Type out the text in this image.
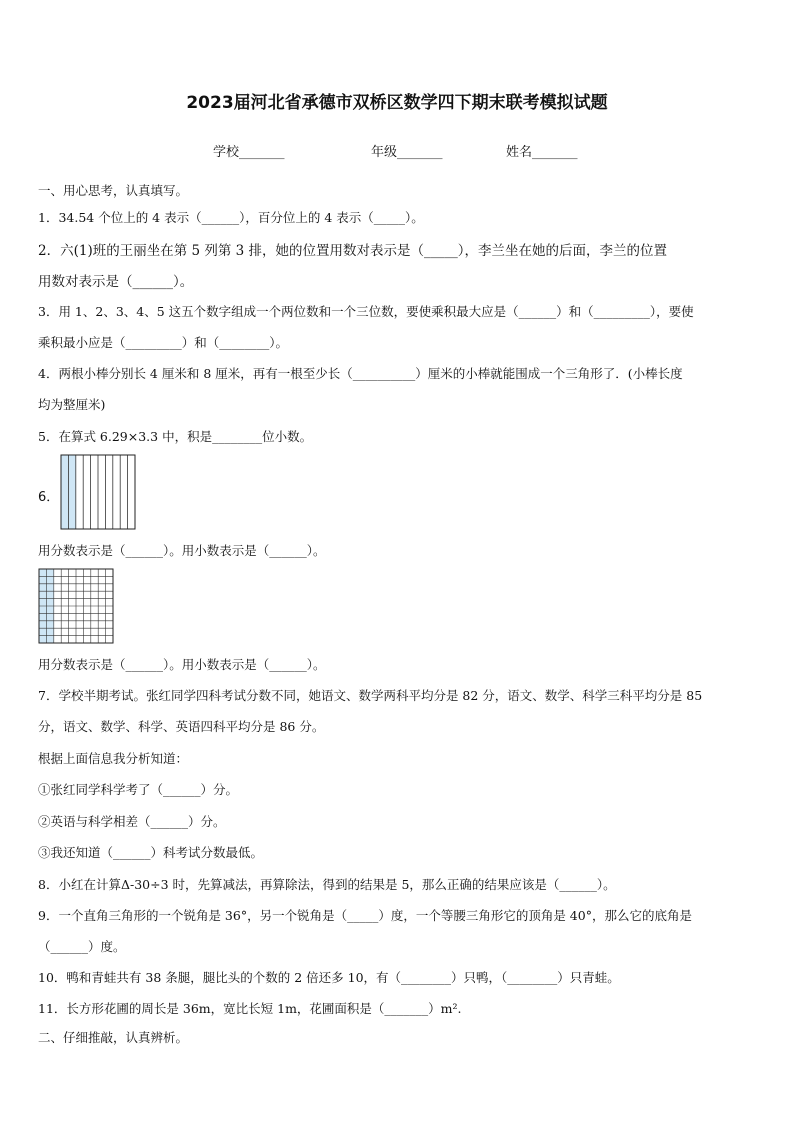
2023届河北省承德市双桥区数学四下期末联考模拟试题
学校_______	年级_______	姓名_______
一、用心思考，认真填写。
1．34.54 个位上的 4 表示（______），百分位上的 4 表示（_____）。
2．六(1)班的王丽坐在第 5 列第 3 排，她的位置用数对表示是（_____），李兰坐在她的后面，李兰的位置
用数对表示是（______）。
3．用 1、2、3、4、5 这五个数字组成一个两位数和一个三位数，要使乘积最大应是（______）和（_________），要使
乘积最小应是（_________）和（________）。
4．两根小棒分别长 4 厘米和 8 厘米，再有一根至少长（__________）厘米的小棒就能围成一个三角形了．(小棒长度
均为整厘米)
5．在算式 6.29×3.3 中，积是________位小数。
6．
用分数表示是（______）。用小数表示是（______）。
用分数表示是（______）。用小数表示是（______）。
7．学校半期考试。张红同学四科考试分数不同，她语文、数学两科平均分是 82 分，语文、数学、科学三科平均分是 85
分，语文、数学、科学、英语四科平均分是 86 分。
根据上面信息我分析知道：
①张红同学科学考了（______）分。
②英语与科学相差（______）分。
③我还知道（______）科考试分数最低。
8．小红在计算Δ-30÷3 时，先算减法，再算除法，得到的结果是 5，那么正确的结果应该是（______）。
9．一个直角三角形的一个锐角是 36°，另一个锐角是（_____）度，一个等腰三角形它的顶角是 40°，那么它的底角是
（______）度。
10．鸭和青蛙共有 38 条腿，腿比头的个数的 2 倍还多 10，有（________）只鸭，（________）只青蛙。
11．长方形花圃的周长是 36m，宽比长短 1m，花圃面积是（_______）m².
二、仔细推敲，认真辨析。
